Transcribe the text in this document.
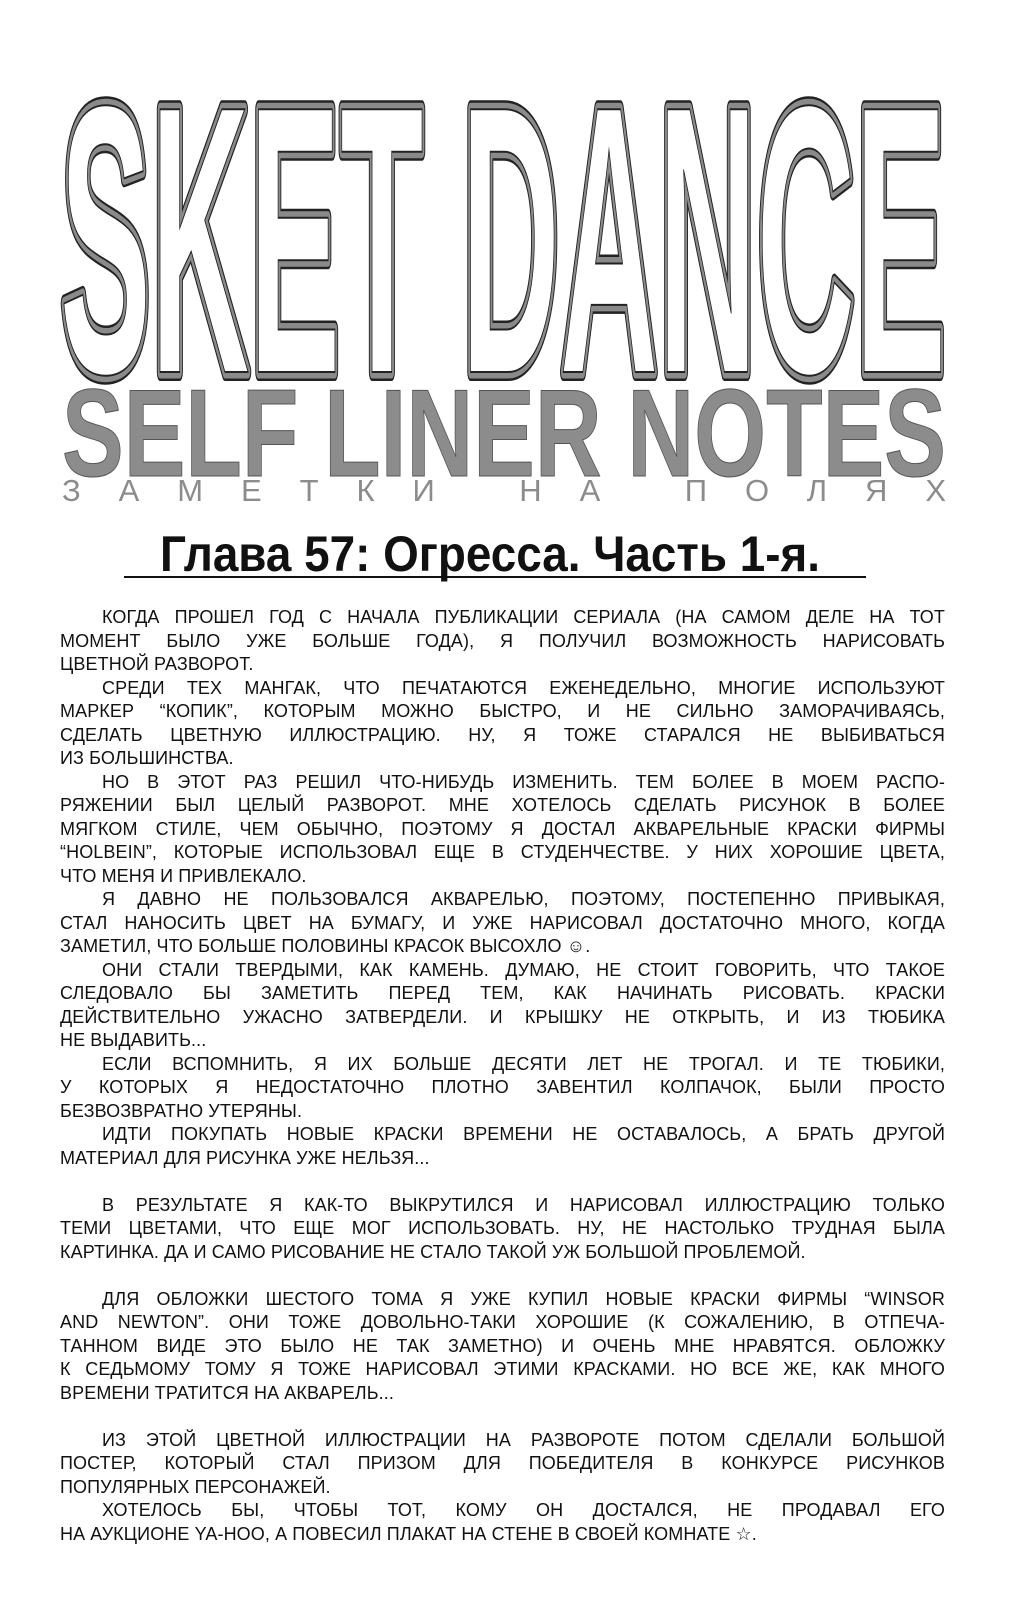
SKET DANCE
SKET DANCE
SKET DANCE
SELF LINER NOTES
ЗАМЕТКИ НА ПОЛЯХ
Глава 57: Огресса. Часть 1-я.
КОГДА ПРОШЕЛ ГОД С НАЧАЛА ПУБЛИКАЦИИ СЕРИАЛА (НА САМОМ ДЕЛЕ НА ТОТ
МОМЕНТ БЫЛО УЖЕ БОЛЬШЕ ГОДА), Я ПОЛУЧИЛ ВОЗМОЖНОСТЬ НАРИСОВАТЬ
ЦВЕТНОЙ РАЗВОРОТ.
СРЕДИ ТЕХ МАНГАК, ЧТО ПЕЧАТАЮТСЯ ЕЖЕНЕДЕЛЬНО, МНОГИЕ ИСПОЛЬЗУЮТ
МАРКЕР “КОПИК”, КОТОРЫМ МОЖНО БЫСТРО, И НЕ СИЛЬНО ЗАМОРАЧИВАЯСЬ,
СДЕЛАТЬ ЦВЕТНУЮ ИЛЛЮСТРАЦИЮ. НУ, Я ТОЖЕ СТАРАЛСЯ НЕ ВЫБИВАТЬСЯ
ИЗ БОЛЬШИНСТВА.
НО В ЭТОТ РАЗ РЕШИЛ ЧТО-НИБУДЬ ИЗМЕНИТЬ. ТЕМ БОЛЕЕ В МОЕМ РАСПО-
РЯЖЕНИИ БЫЛ ЦЕЛЫЙ РАЗВОРОТ. МНЕ ХОТЕЛОСЬ СДЕЛАТЬ РИСУНОК В БОЛЕЕ
МЯГКОМ СТИЛЕ, ЧЕМ ОБЫЧНО, ПОЭТОМУ Я ДОСТАЛ АКВАРЕЛЬНЫЕ КРАСКИ ФИРМЫ
“HOLBEIN”, КОТОРЫЕ ИСПОЛЬЗОВАЛ ЕЩЕ В СТУДЕНЧЕСТВЕ. У НИХ ХОРОШИЕ ЦВЕТА,
ЧТО МЕНЯ И ПРИВЛЕКАЛО.
Я ДАВНО НЕ ПОЛЬЗОВАЛСЯ АКВАРЕЛЬЮ, ПОЭТОМУ, ПОСТЕПЕННО ПРИВЫКАЯ,
СТАЛ НАНОСИТЬ ЦВЕТ НА БУМАГУ, И УЖЕ НАРИСОВАЛ ДОСТАТОЧНО МНОГО, КОГДА
ЗАМЕТИЛ, ЧТО БОЛЬШЕ ПОЛОВИНЫ КРАСОК ВЫСОХЛО ☺.
ОНИ СТАЛИ ТВЕРДЫМИ, КАК КАМЕНЬ. ДУМАЮ, НЕ СТОИТ ГОВОРИТЬ, ЧТО ТАКОЕ
СЛЕДОВАЛО БЫ ЗАМЕТИТЬ ПЕРЕД ТЕМ, КАК НАЧИНАТЬ РИСОВАТЬ. КРАСКИ
ДЕЙСТВИТЕЛЬНО УЖАСНО ЗАТВЕРДЕЛИ. И КРЫШКУ НЕ ОТКРЫТЬ, И ИЗ ТЮБИКА
НЕ ВЫДАВИТЬ...
ЕСЛИ ВСПОМНИТЬ, Я ИХ БОЛЬШЕ ДЕСЯТИ ЛЕТ НЕ ТРОГАЛ. И ТЕ ТЮБИКИ,
У КОТОРЫХ Я НЕДОСТАТОЧНО ПЛОТНО ЗАВЕНТИЛ КОЛПАЧОК, БЫЛИ ПРОСТО
БЕЗВОЗВРАТНО УТЕРЯНЫ.
ИДТИ ПОКУПАТЬ НОВЫЕ КРАСКИ ВРЕМЕНИ НЕ ОСТАВАЛОСЬ, А БРАТЬ ДРУГОЙ
МАТЕРИАЛ ДЛЯ РИСУНКА УЖЕ НЕЛЬЗЯ...
В РЕЗУЛЬТАТЕ Я КАК-ТО ВЫКРУТИЛСЯ И НАРИСОВАЛ ИЛЛЮСТРАЦИЮ ТОЛЬКО
ТЕМИ ЦВЕТАМИ, ЧТО ЕЩЕ МОГ ИСПОЛЬЗОВАТЬ. НУ, НЕ НАСТОЛЬКО ТРУДНАЯ БЫЛА
КАРТИНКА. ДА И САМО РИСОВАНИЕ НЕ СТАЛО ТАКОЙ УЖ БОЛЬШОЙ ПРОБЛЕМОЙ.
ДЛЯ ОБЛОЖКИ ШЕСТОГО ТОМА Я УЖЕ КУПИЛ НОВЫЕ КРАСКИ ФИРМЫ “WINSOR
AND NEWTON”. ОНИ ТОЖЕ ДОВОЛЬНО-ТАКИ ХОРОШИЕ (К СОЖАЛЕНИЮ, В ОТПЕЧА-
ТАННОМ ВИДЕ ЭТО БЫЛО НЕ ТАК ЗАМЕТНО) И ОЧЕНЬ МНЕ НРАВЯТСЯ. ОБЛОЖКУ
К СЕДЬМОМУ ТОМУ Я ТОЖЕ НАРИСОВАЛ ЭТИМИ КРАСКАМИ. НО ВСЕ ЖЕ, КАК МНОГО
ВРЕМЕНИ ТРАТИТСЯ НА АКВАРЕЛЬ...
ИЗ ЭТОЙ ЦВЕТНОЙ ИЛЛЮСТРАЦИИ НА РАЗВОРОТЕ ПОТОМ СДЕЛАЛИ БОЛЬШОЙ
ПОСТЕР, КОТОРЫЙ СТАЛ ПРИЗОМ ДЛЯ ПОБЕДИТЕЛЯ В КОНКУРСЕ РИСУНКОВ
ПОПУЛЯРНЫХ ПЕРСОНАЖЕЙ.
ХОТЕЛОСЬ БЫ, ЧТОБЫ ТОТ, КОМУ ОН ДОСТАЛСЯ, НЕ ПРОДАВАЛ ЕГО
НА АУКЦИОНЕ YA-HOO, А ПОВЕСИЛ ПЛАКАТ НА СТЕНЕ В СВОЕЙ КОМНАТЕ ☆.
